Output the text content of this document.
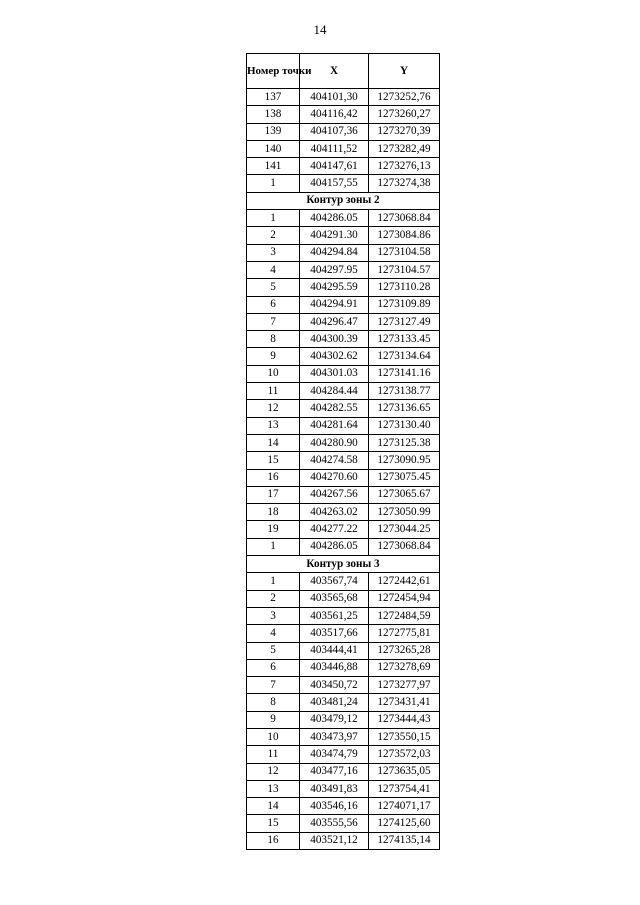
14
Номер точки	X	Y
137	404101,30	1273252,76
138	404116,42	1273260,27
139	404107,36	1273270,39
140	404111,52	1273282,49
141	404147,61	1273276,13
1	404157,55	1273274,38
Контур зоны 2		
1	404286.05	1273068.84
2	404291.30	1273084.86
3	404294.84	1273104.58
4	404297.95	1273104.57
5	404295.59	1273110.28
6	404294.91	1273109.89
7	404296.47	1273127.49
8	404300.39	1273133.45
9	404302.62	1273134.64
10	404301.03	1273141.16
11	404284.44	1273138.77
12	404282.55	1273136.65
13	404281.64	1273130.40
14	404280.90	1273125.38
15	404274.58	1273090.95
16	404270.60	1273075.45
17	404267.56	1273065.67
18	404263.02	1273050.99
19	404277.22	1273044.25
1	404286.05	1273068.84
Контур зоны 3		
1	403567,74	1272442,61
2	403565,68	1272454,94
3	403561,25	1272484,59
4	403517,66	1272775,81
5	403444,41	1273265,28
6	403446,88	1273278,69
7	403450,72	1273277,97
8	403481,24	1273431,41
9	403479,12	1273444,43
10	403473,97	1273550,15
11	403474,79	1273572,03
12	403477,16	1273635,05
13	403491,83	1273754,41
14	403546,16	1274071,17
15	403555,56	1274125,60
16	403521,12	1274135,14
